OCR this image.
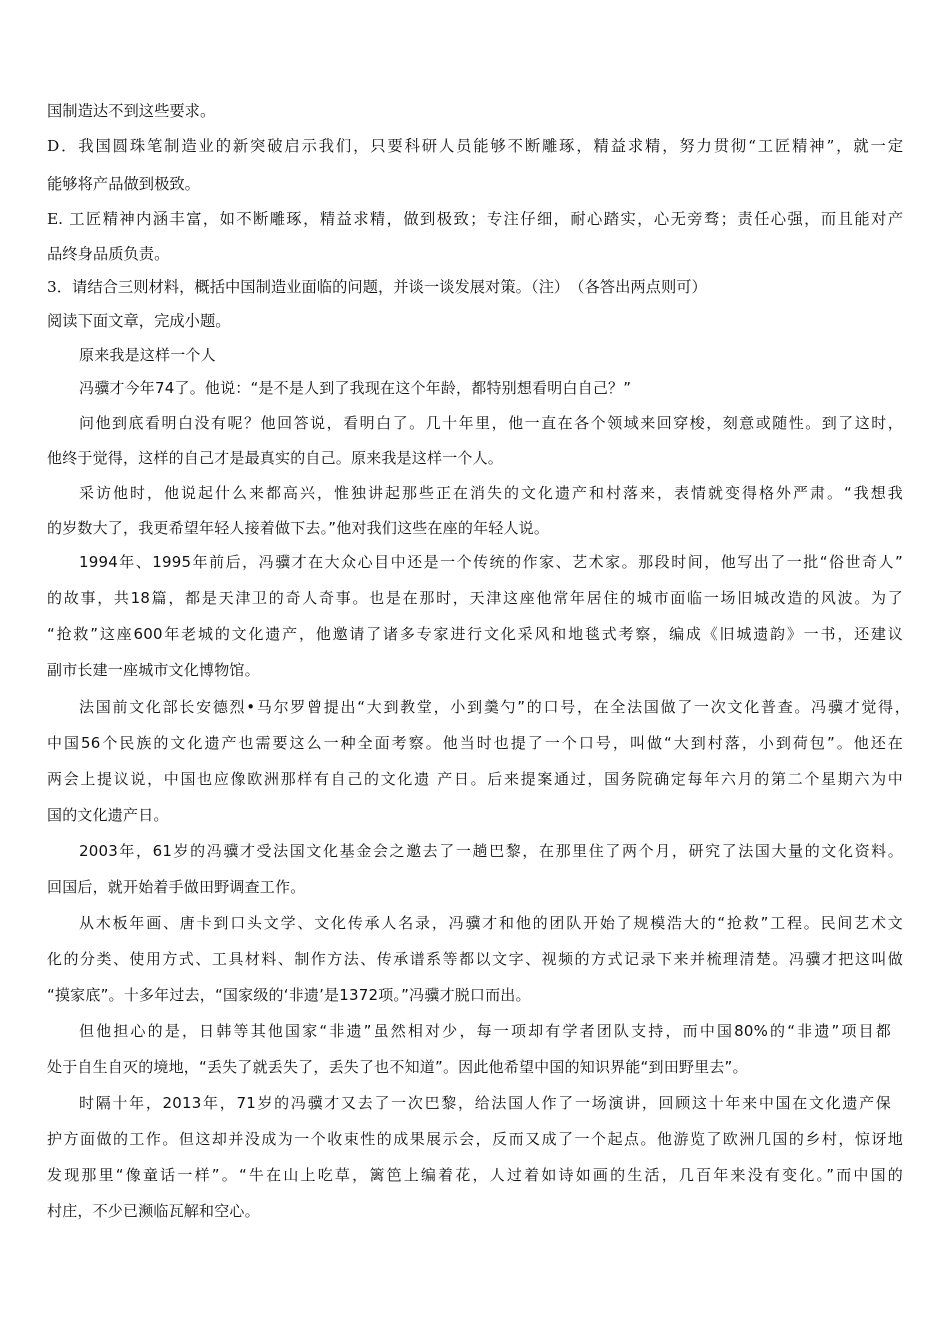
国制造达不到这些要求。
D．我国圆珠笔制造业的新突破启示我们，只要科研人员能够不断雕琢，精益求精，努力贯彻“工匠精神”，就一定
能够将产品做到极致。
E. 工匠精神内涵丰富，如不断雕琢，精益求精，做到极致；专注仔细，耐心踏实，心无旁骛；责任心强，而且能对产
品终身品质负责。
3．请结合三则材料，概括中国制造业面临的问题，并谈一谈发展对策。（注）　（各答出两点则可）
阅读下面文章，完成小题。
原来我是这样一个人
冯骥才今年74了。他说：“是不是人到了我现在这个年龄，都特别想看明白自己？”
问他到底看明白没有呢？他回答说，看明白了。几十年里，他一直在各个领域来回穿梭，刻意或随性。到了这时，
他终于觉得，这样的自己才是最真实的自己。原来我是这样一个人。
采访他时，他说起什么来都高兴，惟独讲起那些正在消失的文化遗产和村落来，表情就变得格外严肃。“我想我
的岁数大了，我更希望年轻人接着做下去。”他对我们这些在座的年轻人说。
1994年、1995年前后，冯骥才在大众心目中还是一个传统的作家、艺术家。那段时间，他写出了一批“俗世奇人”
的故事，共18篇，都是天津卫的奇人奇事。也是在那时，天津这座他常年居住的城市面临一场旧城改造的风波。为了
“抢救”这座600年老城的文化遗产，他邀请了诸多专家进行文化采风和地毯式考察，编成《旧城遗韵》一书，还建议
副市长建一座城市文化博物馆。
法国前文化部长安德烈•马尔罗曾提出“大到教堂，小到羹勺”的口号，在全法国做了一次文化普查。冯骥才觉得，
中国56个民族的文化遗产也需要这么一种全面考察。他当时也提了一个口号，叫做“大到村落，小到荷包”。他还在
两会上提议说，中国也应像欧洲那样有自己的文化遗 产日。后来提案通过，国务院确定每年六月的第二个星期六为中
国的文化遗产日。
2003年，61岁的冯骥才受法国文化基金会之邀去了一趟巴黎，在那里住了两个月，研究了法国大量的文化资料。
回国后，就开始着手做田野调查工作。
从木板年画、唐卡到口头文学、文化传承人名录，冯骥才和他的团队开始了规模浩大的“抢救”工程。民间艺术文
化的分类、使用方式、工具材料、制作方法、传承谱系等都以文字、视频的方式记录下来并梳理清楚。冯骥才把这叫做
“摸家底”。十多年过去，“国家级的‘非遗’是1372项。”冯骥才脱口而出。
但他担心的是，日韩等其他国家“非遗”虽然相对少，每一项却有学者团队支持，而中国80%的“非遗”项目都
处于自生自灭的境地，“丢失了就丢失了，丢失了也不知道”。因此他希望中国的知识界能“到田野里去”。
时隔十年，2013年，71岁的冯骥才又去了一次巴黎，给法国人作了一场演讲，回顾这十年来中国在文化遗产保
护方面做的工作。但这却并没成为一个收束性的成果展示会，反而又成了一个起点。他游览了欧洲几国的乡村，惊讶地
发现那里“像童话一样”。“牛在山上吃草，篱笆上编着花，人过着如诗如画的生活，几百年来没有变化。”而中国的
村庄，不少已濒临瓦解和空心。
